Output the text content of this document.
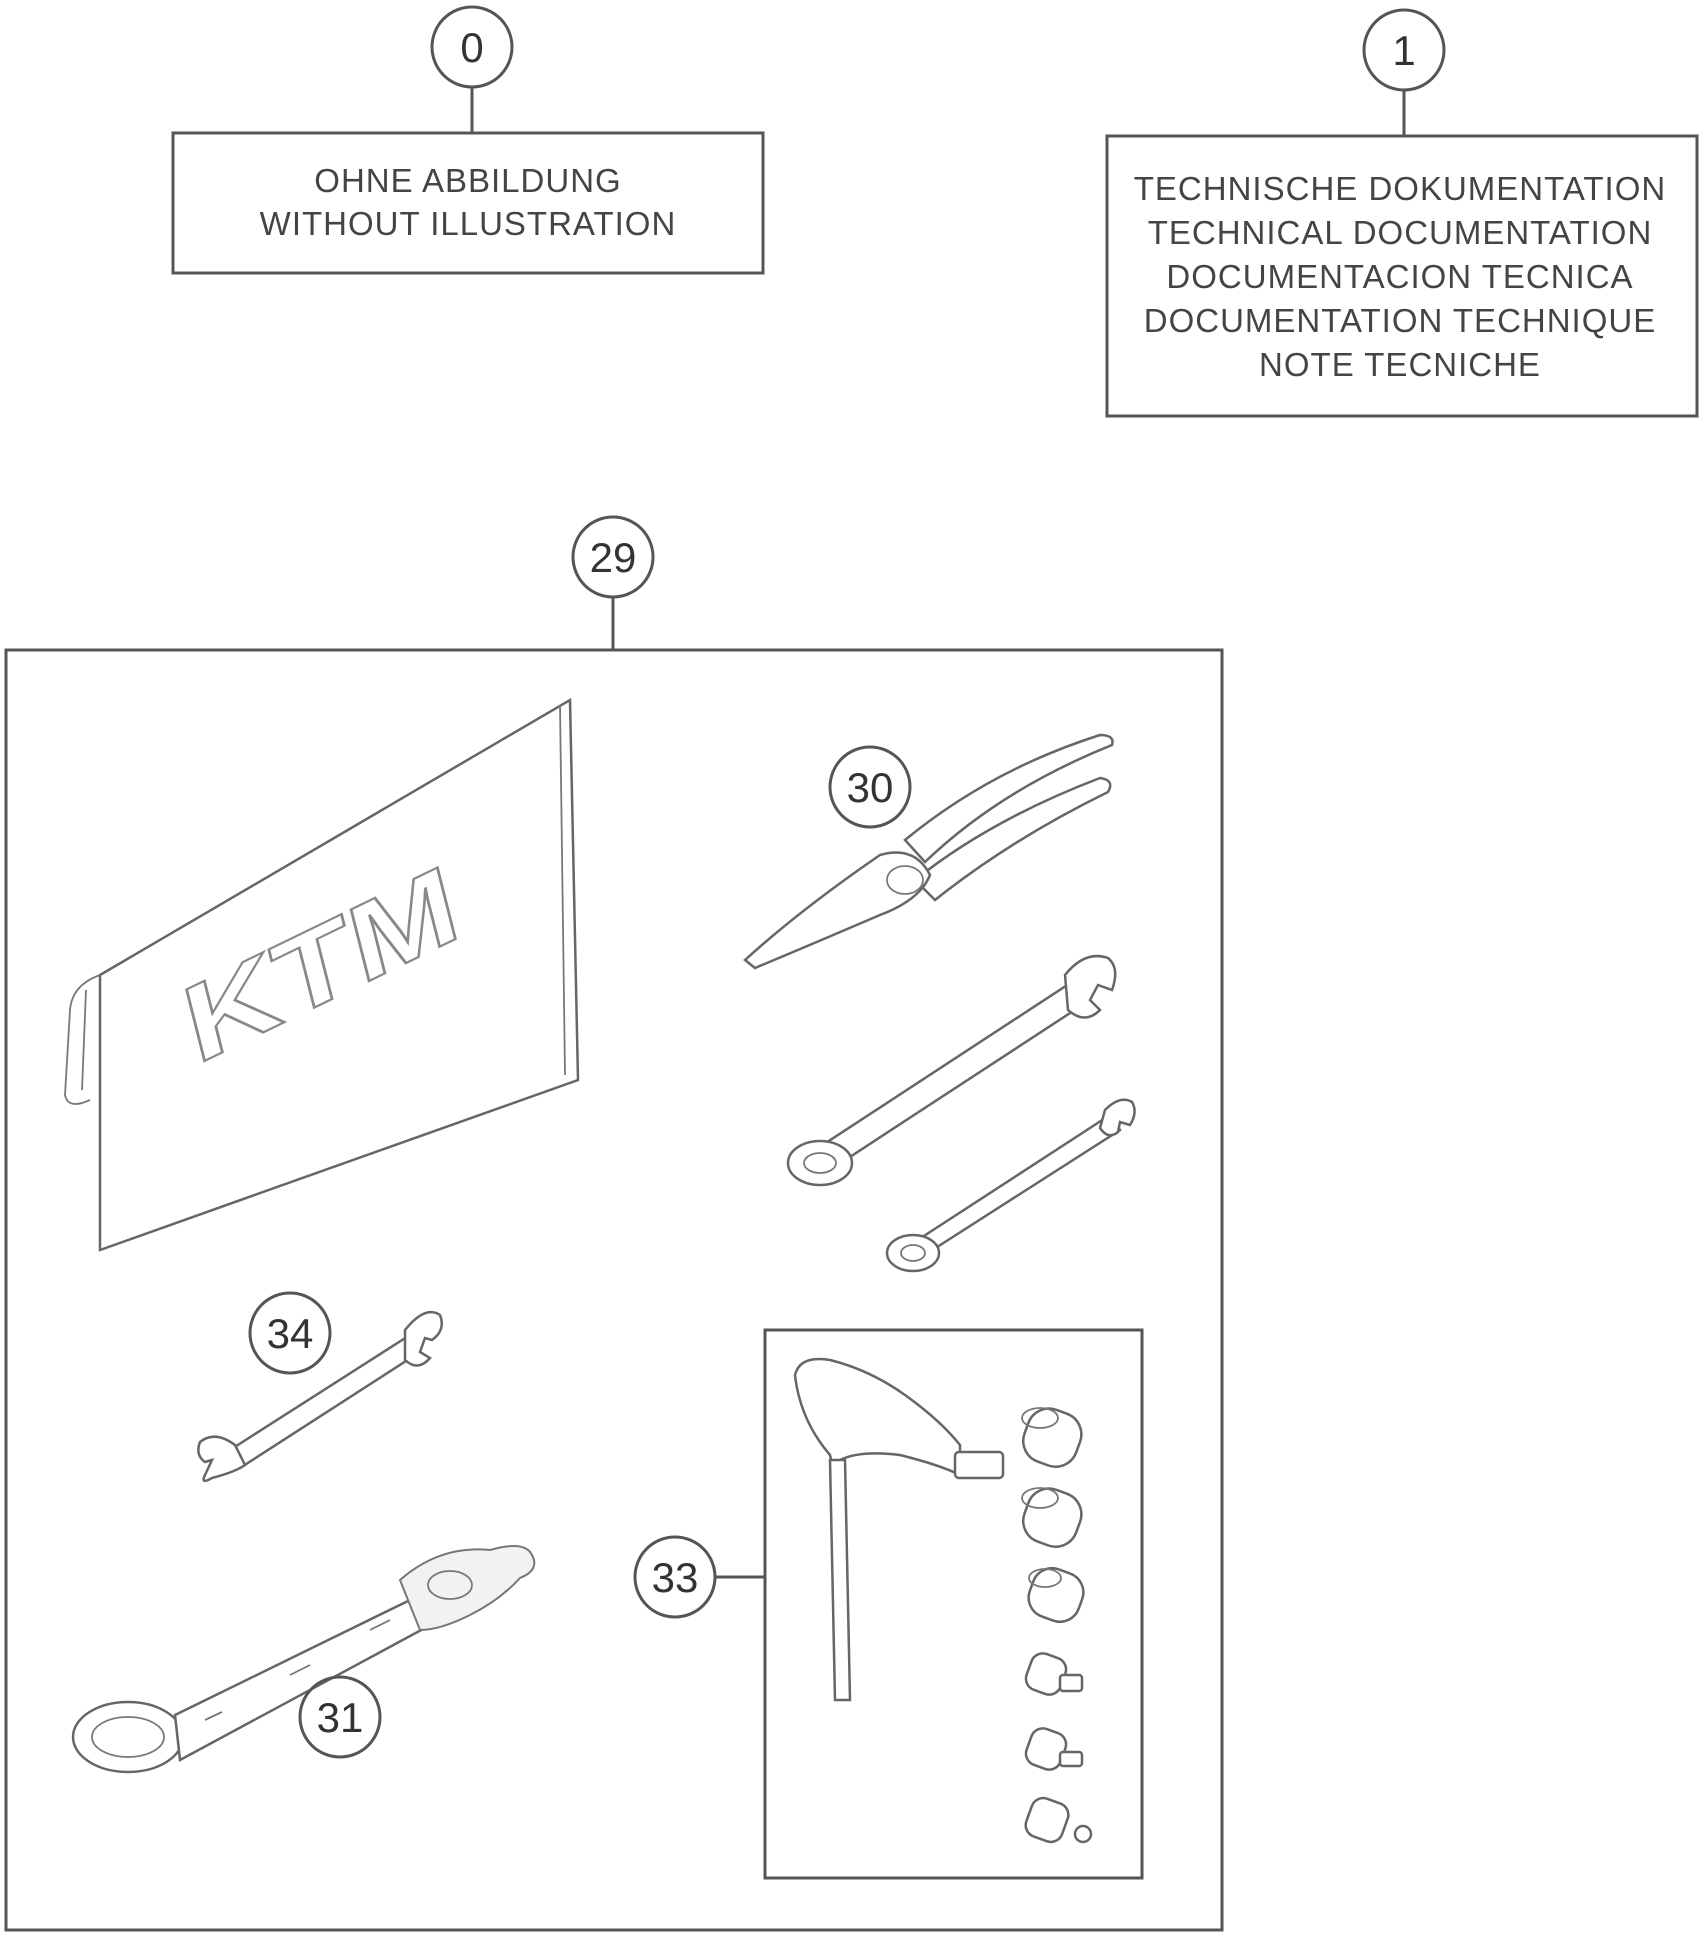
0
OHNE ABBILDUNG
WITHOUT ILLUSTRATION
1
TECHNISCHE DOKUMENTATION
TECHNICAL DOCUMENTATION
DOCUMENTACION TECNICA
DOCUMENTATION TECHNIQUE
NOTE TECNICHE
29
KTM
30
34
31
33
